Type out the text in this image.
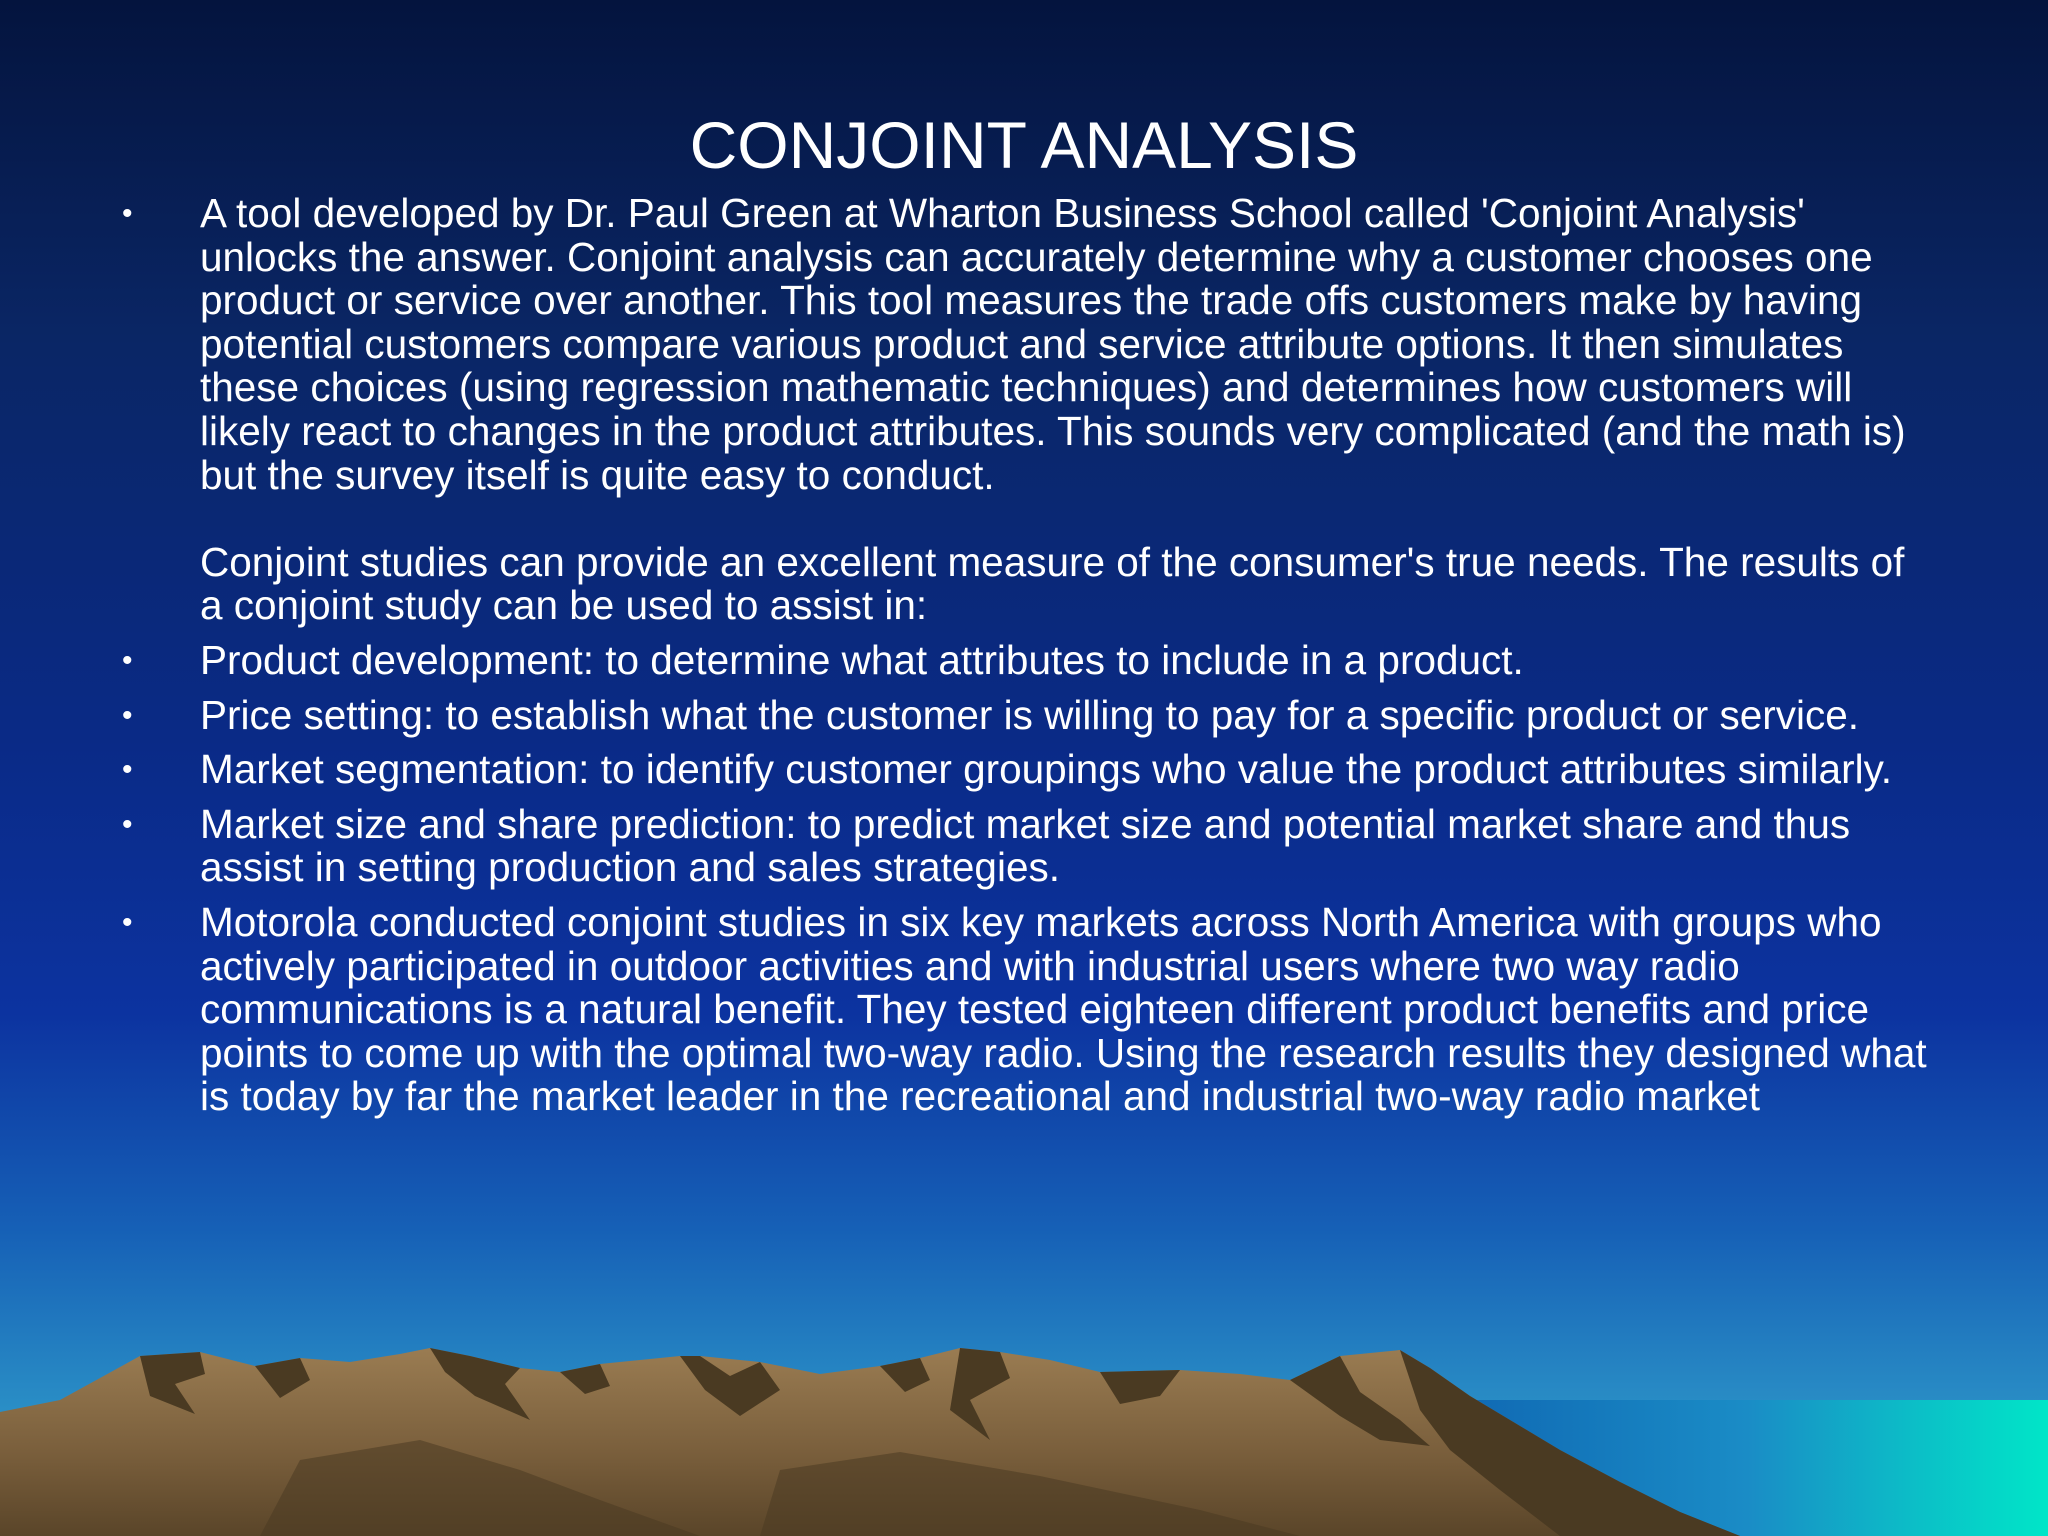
CONJOINT ANALYSIS
• A tool developed by Dr. Paul Green at Wharton Business School called 'Conjoint Analysis' unlocks the answer. Conjoint analysis can accurately determine why a customer chooses one product or service over another. This tool measures the trade offs customers make by having potential customers compare various product and service attribute options. It then simulates these choices (using regression mathematic techniques) and determines how customers will likely react to changes in the product attributes. This sounds very complicated (and the math is) but the survey itself is quite easy to conduct.
Conjoint studies can provide an excellent measure of the consumer's true needs. The results of a conjoint study can be used to assist in:
• Product development: to determine what attributes to include in a product.
• Price setting: to establish what the customer is willing to pay for a specific product or service.
• Market segmentation: to identify customer groupings who value the product attributes similarly.
• Market size and share prediction: to predict market size and potential market share and thus assist in setting production and sales strategies.
• Motorola conducted conjoint studies in six key markets across North America with groups who actively participated in outdoor activities and with industrial users where two way radio communications is a natural benefit. They tested eighteen different product benefits and price points to come up with the optimal two-way radio. Using the research results they designed what is today by far the market leader in the recreational and industrial two-way radio market
